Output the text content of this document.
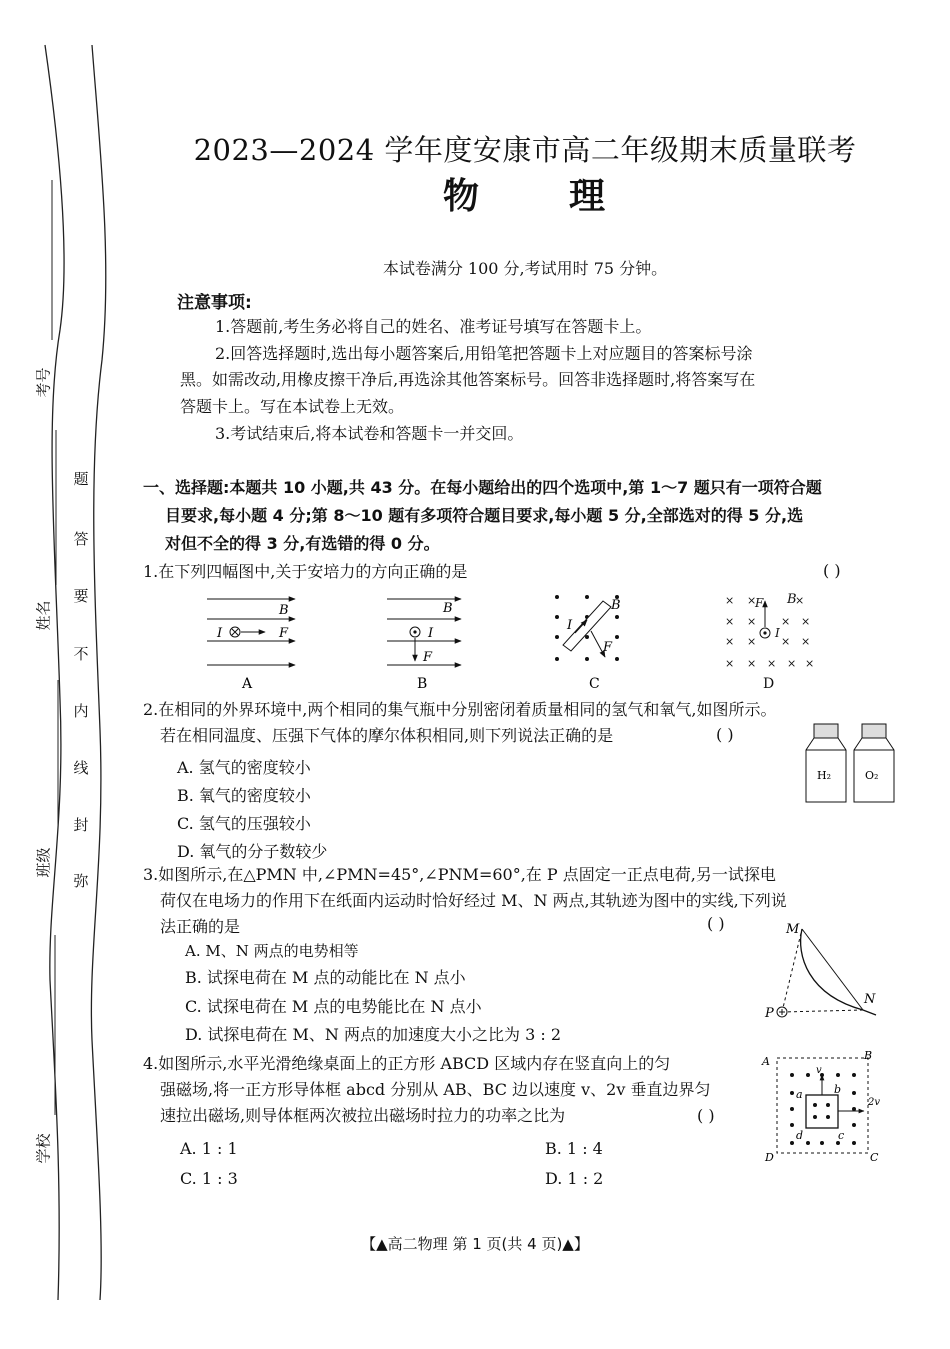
考号
姓名
班级
学校
题
答
要
不
内
线
封
弥
2023—2024 学年度安康市高二年级期末质量联考
物 理
本试卷满分 100 分,考试用时 75 分钟。
注意事项:
1.答题前,考生务必将自己的姓名、准考证号填写在答题卡上。
2.回答选择题时,选出每小题答案后,用铅笔把答题卡上对应题目的答案标号涂
黑。如需改动,用橡皮擦干净后,再选涂其他答案标号。回答非选择题时,将答案写在
答题卡上。写在本试卷上无效。
3.考试结束后,将本试卷和答题卡一并交回。
一、选择题:本题共 10 小题,共 43 分。在每小题给出的四个选项中,第 1～7 题只有一项符合题
目要求,每小题 4 分;第 8～10 题有多项符合题目要求,每小题 5 分,全部选对的得 5 分,选
对但不全的得 3 分,有选错的得 0 分。
1.在下列四幅图中,关于安培力的方向正确的是	( )
B
I	F
A
B
I
F
B
B
I
F
C
× ×	×
× × × ×
× × × ×
× × × × ×
F B
I
D
2.在相同的外界环境中,两个相同的集气瓶中分别密闭着质量相同的氢气和氧气,如图所示。
若在相同温度、压强下气体的摩尔体积相同,则下列说法正确的是	( )
A. 氢气的密度较小
B. 氧气的密度较小
C. 氢气的压强较小
D. 氧气的分子数较少
H₂	O₂
3.如图所示,在△PMN 中,∠PMN=45°,∠PNM=60°,在 P 点固定一正点电荷,另一试探电
荷仅在电场力的作用下在纸面内运动时恰好经过 M、N 两点,其轨迹为图中的实线,下列说
法正确的是	( )
A. M、N 两点的电势相等
B. 试探电荷在 M 点的动能比在 N 点小
C. 试探电荷在 M 点的电势能比在 N 点小
D. 试探电荷在 M、N 两点的加速度大小之比为 3 : 2
M
N
P
4.如图所示,水平光滑绝缘桌面上的正方形 ABCD 区域内存在竖直向上的匀
强磁场,将一正方形导体框 abcd 分别从 AB、BC 边以速度 v、2v 垂直边界匀
速拉出磁场,则导体框两次被拉出磁场时拉力的功率之比为	( )
A. 1 : 1	B. 1 : 4
C. 1 : 3	D. 1 : 2
A	B
C
D
a	b
c
d
v
2v
【▲高二物理 第 1 页(共 4 页)▲】
